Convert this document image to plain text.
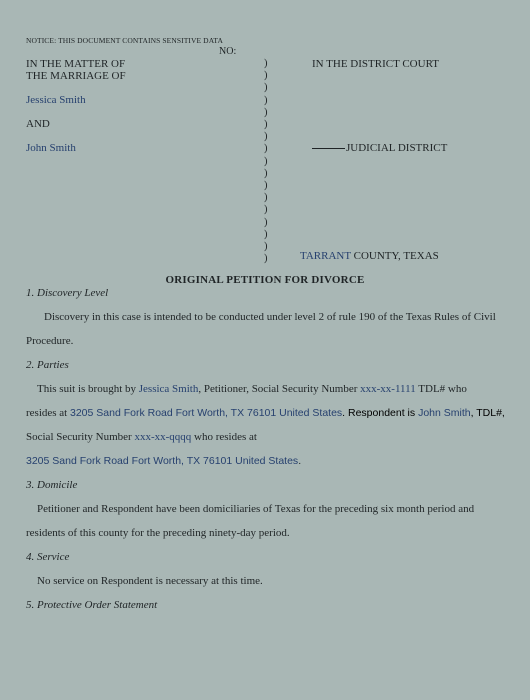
NOTICE: THIS DOCUMENT CONTAINS SENSITIVE DATA
NO:
IN THE MATTER OF
THE MARRIAGE OF
Jessica Smith
AND
John Smith
)
)
)
)
)
)
)
)
)
)
)
)
)
)
)
)
)
IN THE DISTRICT COURT
JUDICIAL DISTRICT
TARRANT COUNTY, TEXAS
ORIGINAL PETITION FOR DIVORCE
1. Discovery Level
Discovery in this case is intended to be conducted under level 2 of rule 190 of the Texas Rules of Civil
Procedure.
2. Parties
This suit is brought by Jessica Smith, Petitioner, Social Security Number xxx-xx-1111 TDL# who
resides at 3205 Sand Fork Road Fort Worth, TX 76101 United States. Respondent is John Smith, TDL#,
Social Security Number xxx-xx-qqqq who resides at
3205 Sand Fork Road Fort Worth, TX 76101 United States.
3. Domicile
Petitioner and Respondent have been domiciliaries of Texas for the preceding six month period and
residents of this county for the preceding ninety-day period.
4. Service
No service on Respondent is necessary at this time.
5. Protective Order Statement
